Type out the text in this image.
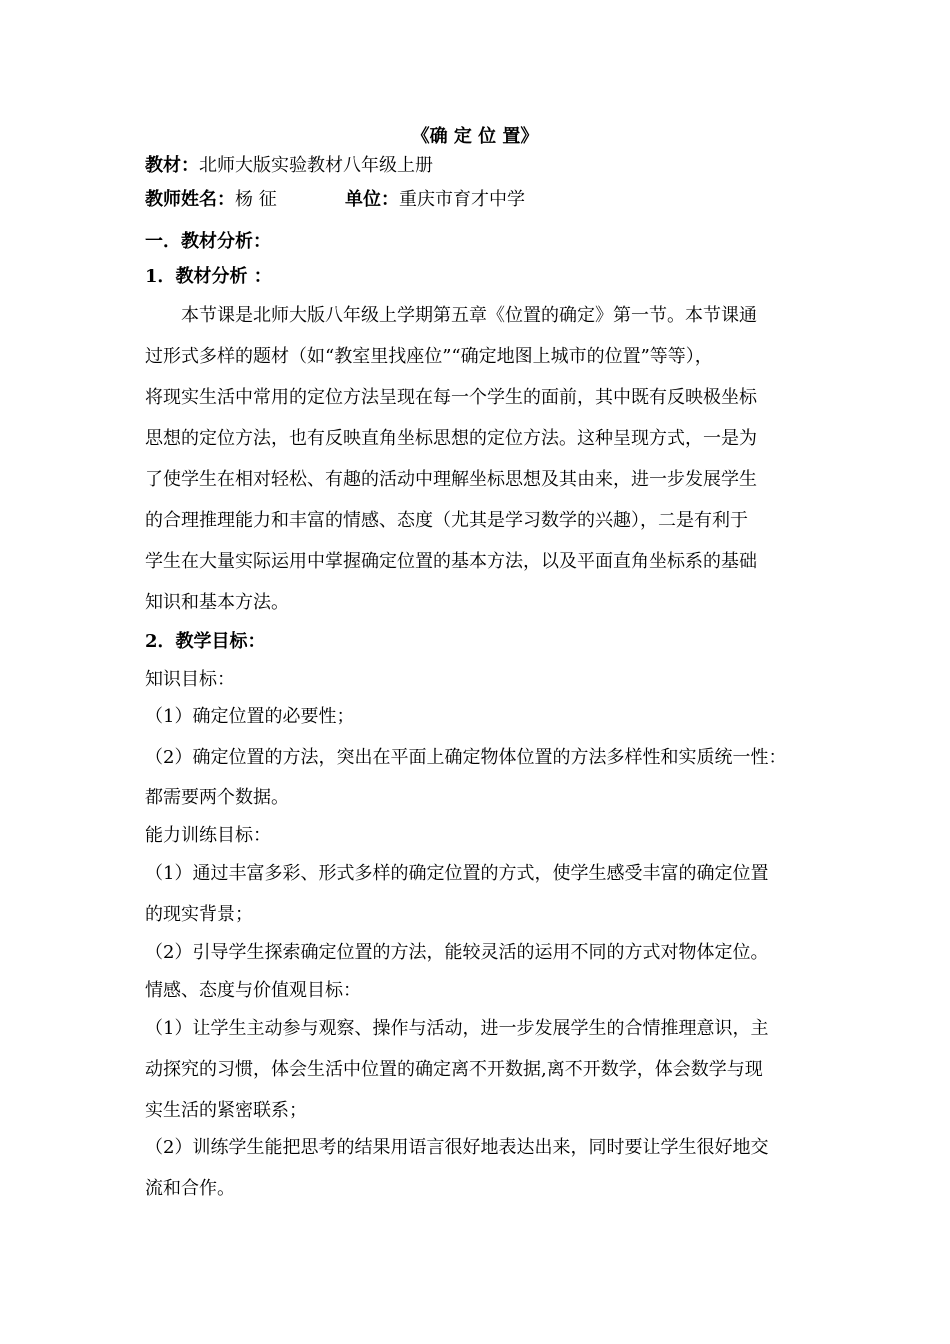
《确 定 位 置》

教材：北师大版实验教材八年级上册

教师姓名：杨 征	单位：重庆市育才中学

一．教材分析：

1．教材分析 ：

本节课是北师大版八年级上学期第五章《位置的确定》第一节。本节课通

过形式多样的题材（如“教室里找座位”“确定地图上城市的位置”等等），

将现实生活中常用的定位方法呈现在每一个学生的面前，其中既有反映极坐标

思想的定位方法，也有反映直角坐标思想的定位方法。这种呈现方式，一是为

了使学生在相对轻松、有趣的活动中理解坐标思想及其由来，进一步发展学生

的合理推理能力和丰富的情感、态度（尤其是学习数学的兴趣），二是有利于

学生在大量实际运用中掌握确定位置的基本方法，以及平面直角坐标系的基础

知识和基本方法。

2．教学目标：

知识目标：

（1）确定位置的必要性；

（2）确定位置的方法，突出在平面上确定物体位置的方法多样性和实质统一性：

都需要两个数据。

能力训练目标：

（1）通过丰富多彩、形式多样的确定位置的方式，使学生感受丰富的确定位置

的现实背景；

（2）引导学生探索确定位置的方法，能较灵活的运用不同的方式对物体定位。

情感、态度与价值观目标：

（1）让学生主动参与观察、操作与活动，进一步发展学生的合情推理意识，主

动探究的习惯，体会生活中位置的确定离不开数据,离不开数学，体会数学与现

实生活的紧密联系；

（2）训练学生能把思考的结果用语言很好地表达出来，同时要让学生很好地交

流和合作。
